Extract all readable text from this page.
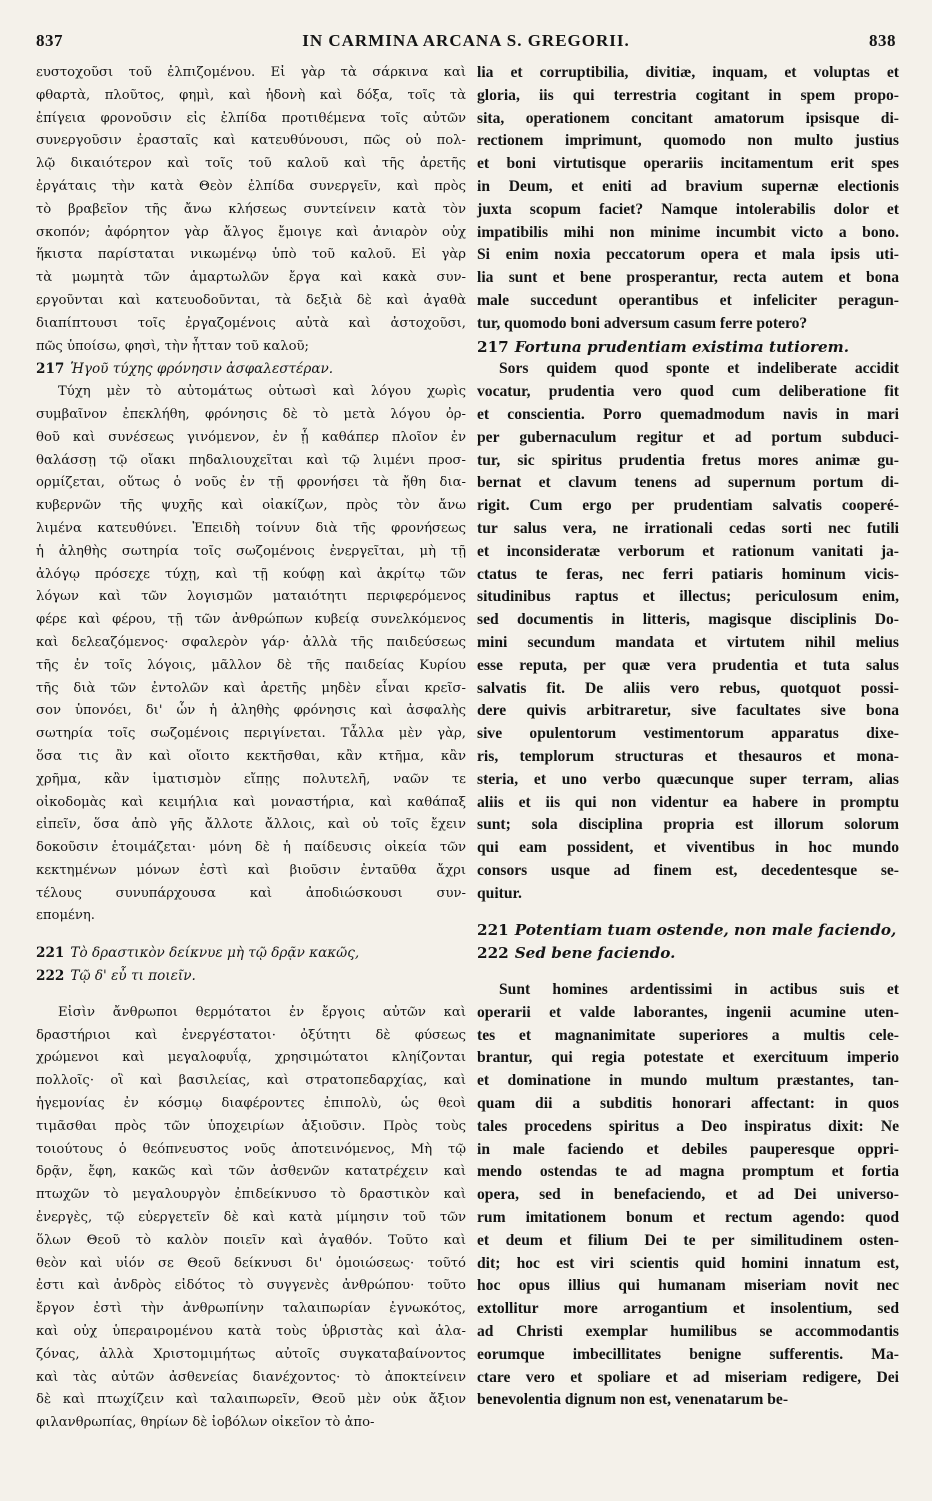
837	IN CARMINA ARCANA S. GREGORII.	838
ευστοχοῦσι τοῦ ἐλπιζομένου. Εἰ γὰρ τὰ σάρκινα καὶ
φθαρτὰ, πλοῦτος, φημὶ, καὶ ἡδονὴ καὶ δόξα, τοῖς τὰ
ἐπίγεια φρονοῦσιν εἰς ἐλπίδα προτιθέμενα τοῖς αὐτῶν
συνεργοῦσιν ἐρασταῖς καὶ κατευθύνουσι, πῶς οὐ πολ-
λῷ δικαιότερον καὶ τοῖς τοῦ καλοῦ καὶ τῆς ἀρετῆς
ἐργάταις τὴν κατὰ Θεὸν ἐλπίδα συνεργεῖν, καὶ πρὸς
τὸ βραβεῖον τῆς ἄνω κλήσεως συντείνειν κατὰ τὸν
σκοπόν; ἀφόρητον γὰρ ἄλγος ἔμοιγε καὶ ἀνιαρὸν οὐχ
ἥκιστα παρίσταται νικωμένῳ ὑπὸ τοῦ καλοῦ. Εἰ γὰρ
τὰ μωμητὰ τῶν ἁμαρτωλῶν ἔργα καὶ κακὰ συν-
εργοῦνται καὶ κατευοδοῦνται, τὰ δεξιὰ δὲ καὶ ἀγαθὰ
διαπίπτουσι τοῖς ἐργαζομένοις αὐτὰ καὶ ἀστοχοῦσι,
πῶς ὑποίσω, φησὶ, τὴν ἧτταν τοῦ καλοῦ;
217 Ἡγοῦ τύχης φρόνησιν ἀσφαλεστέραν.
Τύχη μὲν τὸ αὐτομάτως οὑτωσὶ καὶ λόγου χωρὶς
συμβαῖνον ἐπεκλήθη, φρόνησις δὲ τὸ μετὰ λόγου ὀρ-
θοῦ καὶ συνέσεως γινόμενον, ἐν ᾗ καθάπερ πλοῖον ἐν
θαλάσσῃ τῷ οἴακι πηδαλιουχεῖται καὶ τῷ λιμένι προσ-
ορμίζεται, οὕτως ὁ νοῦς ἐν τῇ φρονήσει τὰ ἤθη δια-
κυβερνῶν τῆς ψυχῆς καὶ οἰακίζων, πρὸς τὸν ἄνω
λιμένα κατευθύνει. Ἐπειδὴ τοίνυν διὰ τῆς φρονήσεως
ἡ ἀληθὴς σωτηρία τοῖς σωζομένοις ἐνεργεῖται, μὴ τῇ
ἀλόγῳ πρόσεχε τύχῃ, καὶ τῇ κούφῃ καὶ ἀκρίτῳ τῶν
λόγων καὶ τῶν λογισμῶν ματαιότητι περιφερόμενος
φέρε καὶ φέρου, τῇ τῶν ἀνθρώπων κυβείᾳ συνελκόμενος
καὶ δελεαζόμενος· σφαλερὸν γάρ· ἀλλὰ τῆς παιδεύσεως
τῆς ἐν τοῖς λόγοις, μᾶλλον δὲ τῆς παιδείας Κυρίου
τῆς διὰ τῶν ἐντολῶν καὶ ἀρετῆς μηδὲν εἶναι κρεῖσ-
σον ὑπονόει, δι' ὧν ἡ ἀληθὴς φρόνησις καὶ ἀσφαλὴς
σωτηρία τοῖς σωζομένοις περιγίνεται. Τἆλλα μὲν γὰρ,
ὅσα τις ἂν καὶ οἴοιτο κεκτῆσθαι, κἂν κτῆμα, κἂν
χρῆμα, κἂν ἱματισμὸν εἴπῃς πολυτελῆ, ναῶν τε
οἰκοδομὰς καὶ κειμήλια καὶ μοναστήρια, καὶ καθάπαξ
εἰπεῖν, ὅσα ἀπὸ γῆς ἄλλοτε ἄλλοις, καὶ οὐ τοῖς ἔχειν
δοκοῦσιν ἑτοιμάζεται· μόνη δὲ ἡ παίδευσις οἰκεία τῶν
κεκτημένων μόνων ἐστὶ καὶ βιοῦσιν ἐνταῦθα ἄχρι
τέλους συνυπάρχουσα καὶ ἀποδιώσκουσι συν-
επομένη.
221 Τὸ δραστικὸν δείκνυε μὴ τῷ δρᾷν κακῶς,
222 Τῷ δ' εὖ τι ποιεῖν.
Εἰσὶν ἄνθρωποι θερμότατοι ἐν ἔργοις αὐτῶν καὶ
δραστήριοι καὶ ἐνεργέστατοι· ὀξύτητι δὲ φύσεως
χρώμενοι καὶ μεγαλοφυΐᾳ, χρησιμώτατοι κληίζονται
πολλοῖς· οἳ καὶ βασιλείας, καὶ στρατοπεδαρχίας, καὶ
ἡγεμονίας ἐν κόσμῳ διαφέροντες ἐπιπολὺ, ὡς θεοὶ
τιμᾶσθαι πρὸς τῶν ὑποχειρίων ἀξιοῦσιν. Πρὸς τοὺς
τοιούτους ὁ θεόπνευστος νοῦς ἀποτεινόμενος, Μὴ τῷ
δρᾷν, ἔφη, κακῶς καὶ τῶν ἀσθενῶν κατατρέχειν καὶ
πτωχῶν τὸ μεγαλουργὸν ἐπιδείκνυσο τὸ δραστικὸν καὶ
ἐνεργὲς, τῷ εὐεργετεῖν δὲ καὶ κατὰ μίμησιν τοῦ τῶν
ὅλων Θεοῦ τὸ καλὸν ποιεῖν καὶ ἀγαθόν. Τοῦτο καὶ
θεὸν καὶ υἱόν σε Θεοῦ δείκνυσι δι' ὁμοιώσεως· τοῦτό
ἐστι καὶ ἀνδρὸς εἰδότος τὸ συγγενὲς ἀνθρώπου· τοῦτο
ἔργον ἐστὶ τὴν ἀνθρωπίνην ταλαιπωρίαν ἐγνωκότος,
καὶ οὐχ ὑπεραιρομένου κατὰ τοὺς ὑβριστὰς καὶ ἀλα-
ζόνας, ἀλλὰ Χριστομιμήτως αὐτοῖς συγκαταβαίνοντος
καὶ τὰς αὐτῶν ἀσθενείας διανέχοντος· τὸ ἀποκτείνειν
δὲ καὶ πτωχίζειν καὶ ταλαιπωρεῖν, Θεοῦ μὲν οὐκ ἄξιον
φιλανθρωπίας, θηρίων δὲ ἰοβόλων οἰκεῖον τὸ ἀπο-
lia et corruptibilia, divitiæ, inquam, et voluptas et
gloria, iis qui terrestria cogitant in spem propo-
sita, operationem concitant amatorum ipsisque di-
rectionem imprimunt, quomodo non multo justius
et boni virtutisque operariis incitamentum erit spes
in Deum, et eniti ad bravium supernæ electionis
juxta scopum faciet? Namque intolerabilis dolor et
impatibilis mihi non minime incumbit victo a bono.
Si enim noxia peccatorum opera et mala ipsis uti-
lia sunt et bene prosperantur, recta autem et bona
male succedunt operantibus et infeliciter peragun-
tur, quomodo boni adversum casum ferre potero?
217 Fortuna prudentiam existima tutiorem.
Sors quidem quod sponte et indeliberate accidit
vocatur, prudentia vero quod cum deliberatione fit
et conscientia. Porro quemadmodum navis in mari
per gubernaculum regitur et ad portum subduci-
tur, sic spiritus prudentia fretus mores animæ gu-
bernat et clavum tenens ad supernum portum di-
rigit. Cum ergo per prudentiam salvatis cooperé-
tur salus vera, ne irrationali cedas sorti nec futili
et inconsideratæ verborum et rationum vanitati ja-
ctatus te feras, nec ferri patiaris hominum vicis-
situdinibus raptus et illectus; periculosum enim,
sed documentis in litteris, magisque disciplinis Do-
mini secundum mandata et virtutem nihil melius
esse reputa, per quæ vera prudentia et tuta salus
salvatis fit. De aliis vero rebus, quotquot possi-
dere quivis arbitraretur, sive facultates sive bona
sive opulentorum vestimentorum apparatus dixe-
ris, templorum structuras et thesauros et mona-
steria, et uno verbo quæcunque super terram, alias
aliis et iis qui non videntur ea habere in promptu
sunt; sola disciplina propria est illorum solorum
qui eam possident, et viventibus in hoc mundo
consors usque ad finem est, decedentesque se-
quitur.
221 Potentiam tuam ostende, non male faciendo,
222 Sed bene faciendo.
Sunt homines ardentissimi in actibus suis et
operarii et valde laborantes, ingenii acumine uten-
tes et magnanimitate superiores a multis cele-
brantur, qui regia potestate et exercituum imperio
et dominatione in mundo multum præstantes, tan-
quam dii a subditis honorari affectant: in quos
tales procedens spiritus a Deo inspiratus dixit: Ne
in male faciendo et debiles pauperesque oppri-
mendo ostendas te ad magna promptum et fortia
opera, sed in benefaciendo, et ad Dei universo-
rum imitationem bonum et rectum agendo: quod
et deum et filium Dei te per similitudinem osten-
dit; hoc est viri scientis quid homini innatum est,
hoc opus illius qui humanam miseriam novit nec
extollitur more arrogantium et insolentium, sed
ad Christi exemplar humilibus se accommodantis
eorumque imbecillitates benigne sufferentis. Ma-
ctare vero et spoliare et ad miseriam redigere, Dei
benevolentia dignum non est, venenatarum be-
